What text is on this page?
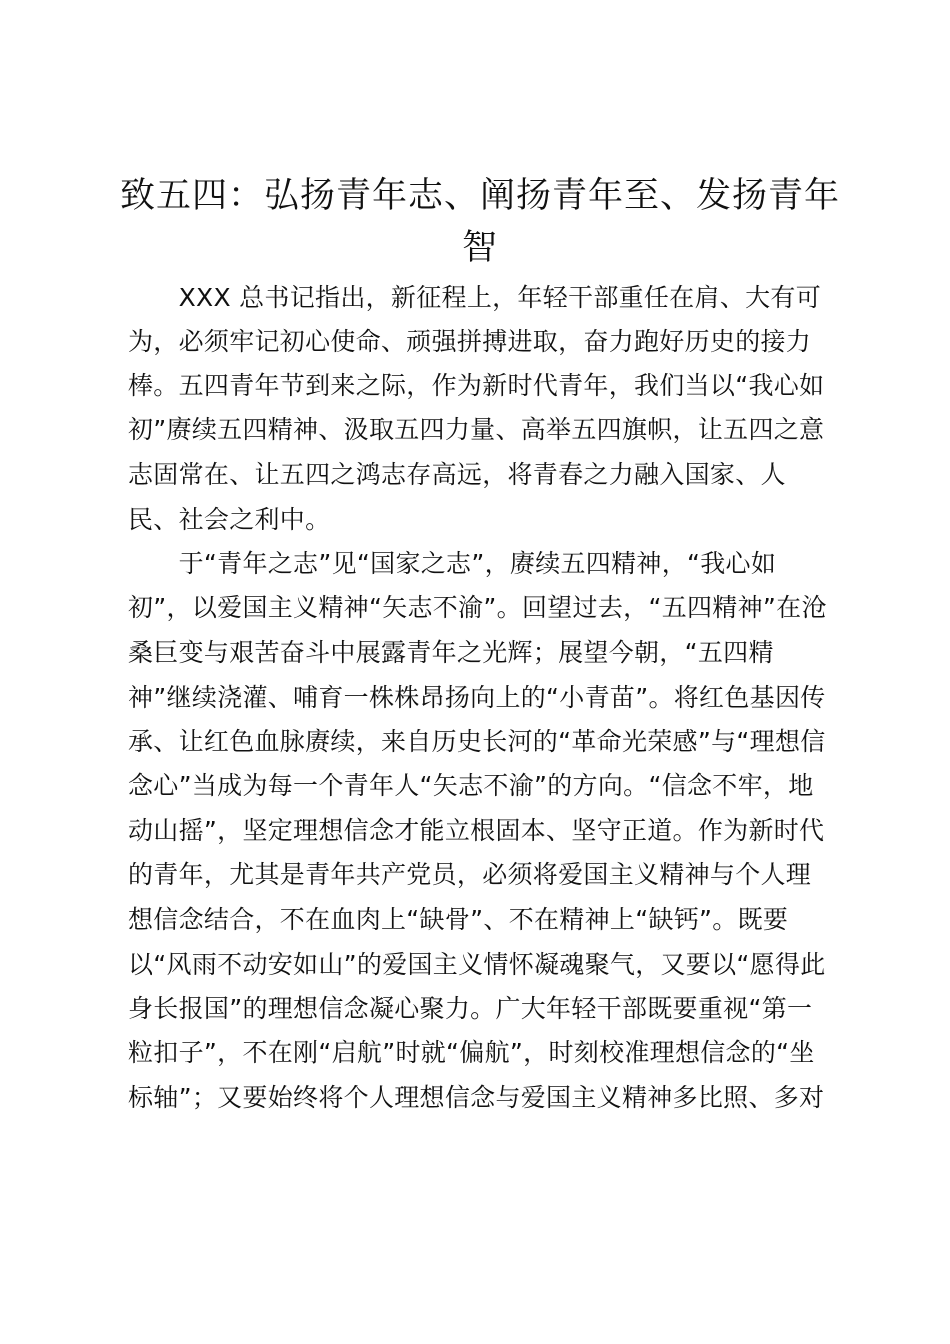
致五四：弘扬青年志、阐扬青年至、发扬青年
智
　　XXX 总书记指出，新征程上，年轻干部重任在肩、大有可
为，必须牢记初心使命、顽强拼搏进取，奋力跑好历史的接力
棒。五四青年节到来之际，作为新时代青年，我们当以“我心如
初”赓续五四精神、汲取五四力量、高举五四旗帜，让五四之意
志固常在、让五四之鸿志存高远，将青春之力融入国家、人
民、社会之利中。
　　于“青年之志”见“国家之志”，赓续五四精神，“我心如
初”，以爱国主义精神“矢志不渝”。回望过去，“五四精神”在沧
桑巨变与艰苦奋斗中展露青年之光辉；展望今朝，“五四精
神”继续浇灌、哺育一株株昂扬向上的“小青苗”。将红色基因传
承、让红色血脉赓续，来自历史长河的“革命光荣感”与“理想信
念心”当成为每一个青年人“矢志不渝”的方向。“信念不牢，地
动山摇”，坚定理想信念才能立根固本、坚守正道。作为新时代
的青年，尤其是青年共产党员，必须将爱国主义精神与个人理
想信念结合，不在血肉上“缺骨”、不在精神上“缺钙”。既要
以“风雨不动安如山”的爱国主义情怀凝魂聚气，又要以“愿得此
身长报国”的理想信念凝心聚力。广大年轻干部既要重视“第一
粒扣子”，不在刚“启航”时就“偏航”，时刻校准理想信念的“坐
标轴”；又要始终将个人理想信念与爱国主义精神多比照、多对
